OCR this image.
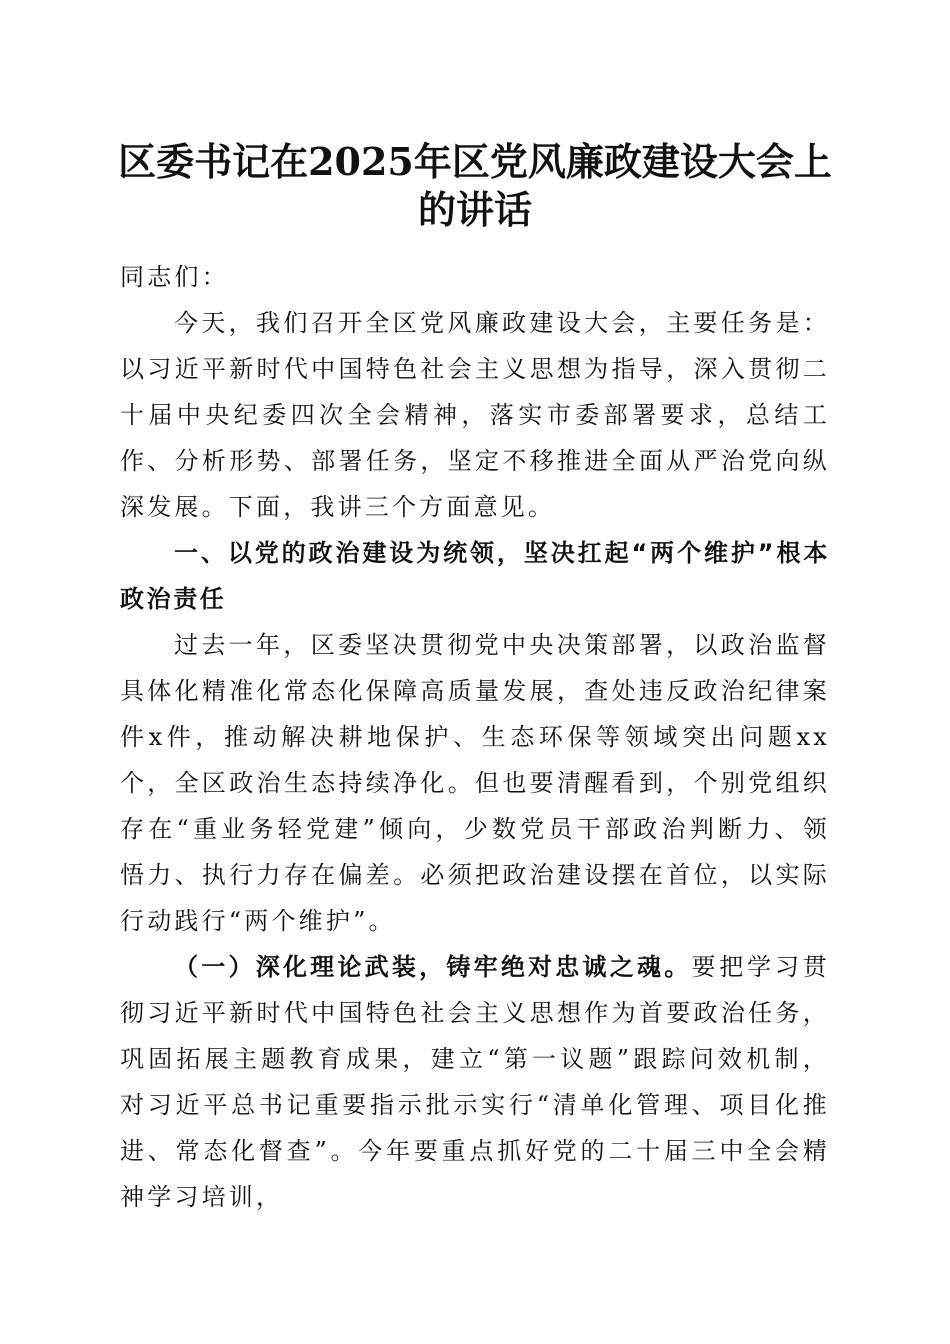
区委书记在2025年区党风廉政建设大会上的讲话

同志们：

今天，我们召开全区党风廉政建设大会，主要任务是：以习近平新时代中国特色社会主义思想为指导，深入贯彻二十届中央纪委四次全会精神，落实市委部署要求，总结工作、分析形势、部署任务，坚定不移推进全面从严治党向纵深发展。下面，我讲三个方面意见。

一、以党的政治建设为统领，坚决扛起“两个维护”根本政治责任

过去一年，区委坚决贯彻党中央决策部署，以政治监督具体化精准化常态化保障高质量发展，查处违反政治纪律案件x件，推动解决耕地保护、生态环保等领域突出问题xx个，全区政治生态持续净化。但也要清醒看到，个别党组织存在“重业务轻党建”倾向，少数党员干部政治判断力、领悟力、执行力存在偏差。必须把政治建设摆在首位，以实际行动践行“两个维护”。

（一）深化理论武装，铸牢绝对忠诚之魂。要把学习贯彻习近平新时代中国特色社会主义思想作为首要政治任务，巩固拓展主题教育成果，建立“第一议题”跟踪问效机制，对习近平总书记重要指示批示实行“清单化管理、项目化推进、常态化督查”。今年要重点抓好党的二十届三中全会精神学习培训，
